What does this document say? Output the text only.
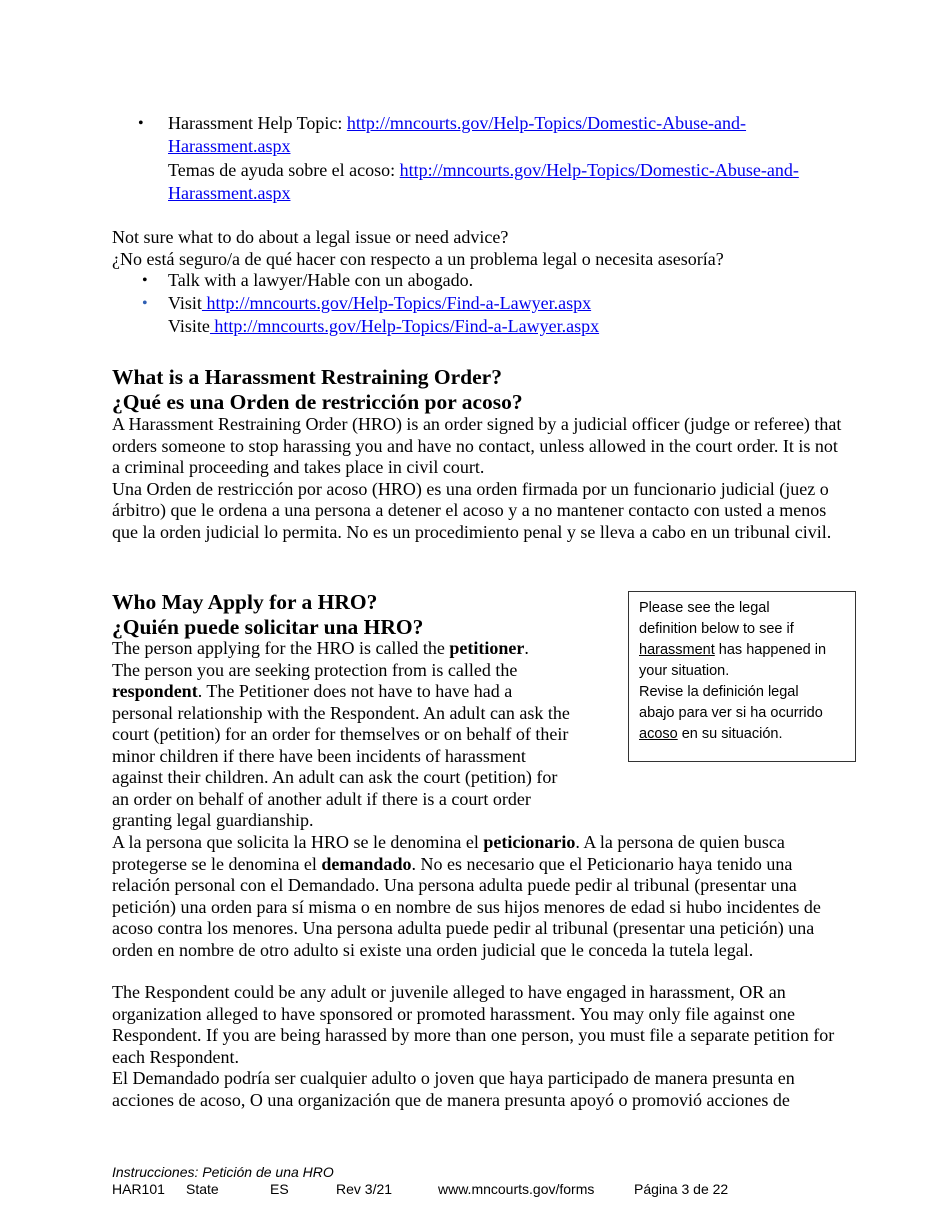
• Harassment Help Topic: http://mncourts.gov/Help-Topics/Domestic-Abuse-and-
Harassment.aspx
Temas de ayuda sobre el acoso: http://mncourts.gov/Help-Topics/Domestic-Abuse-and-
Harassment.aspx
Not sure what to do about a legal issue or need advice?
¿No está seguro/a de qué hacer con respecto a un problema legal o necesita asesoría?
• Talk with a lawyer/Hable con un abogado.
• Visit http://mncourts.gov/Help-Topics/Find-a-Lawyer.aspx
Visite http://mncourts.gov/Help-Topics/Find-a-Lawyer.aspx
What is a Harassment Restraining Order?
¿Qué es una Orden de restricción por acoso?

A Harassment Restraining Order (HRO) is an order signed by a judicial officer (judge or referee) that orders someone to stop harassing you and have no contact, unless allowed in the court order. It is not a criminal proceeding and takes place in civil court.

Una Orden de restricción por acoso (HRO) es una orden firmada por un funcionario judicial (juez o árbitro) que le ordena a una persona a detener el acoso y a no mantener contacto con usted a menos que la orden judicial lo permita. No es un procedimiento penal y se lleva a cabo en un tribunal civil.

Who May Apply for a HRO?
¿Quién puede solicitar una HRO?
The person applying for the HRO is called the petitioner.
The person you are seeking protection from is called the
respondent. The Petitioner does not have to have had a
personal relationship with the Respondent. An adult can ask the
court (petition) for an order for themselves or on behalf of their
minor children if there have been incidents of harassment
against their children. An adult can ask the court (petition) for
an order on behalf of another adult if there is a court order
granting legal guardianship.
Please see the legal
definition below to see if
harassment has happened in
your situation.
Revise la definición legal
abajo para ver si ha ocurrido
acoso en su situación.

A la persona que solicita la HRO se le denomina el peticionario. A la persona de quien busca protegerse se le denomina el demandado. No es necesario que el Peticionario haya tenido una relación personal con el Demandado. Una persona adulta puede pedir al tribunal (presentar una petición) una orden para sí misma o en nombre de sus hijos menores de edad si hubo incidentes de acoso contra los menores. Una persona adulta puede pedir al tribunal (presentar una petición) una orden en nombre de otro adulto si existe una orden judicial que le conceda la tutela legal.

The Respondent could be any adult or juvenile alleged to have engaged in harassment, OR an organization alleged to have sponsored or promoted harassment. You may only file against one Respondent. If you are being harassed by more than one person, you must file a separate petition for each Respondent.

El Demandado podría ser cualquier adulto o joven que haya participado de manera presunta en acciones de acoso, O una organización que de manera presunta apoyó o promovió acciones de

Instrucciones: Petición de una HRO
HAR101 State	ES	Rev 3/21	www.mncourts.gov/forms	Página 3 de 22
